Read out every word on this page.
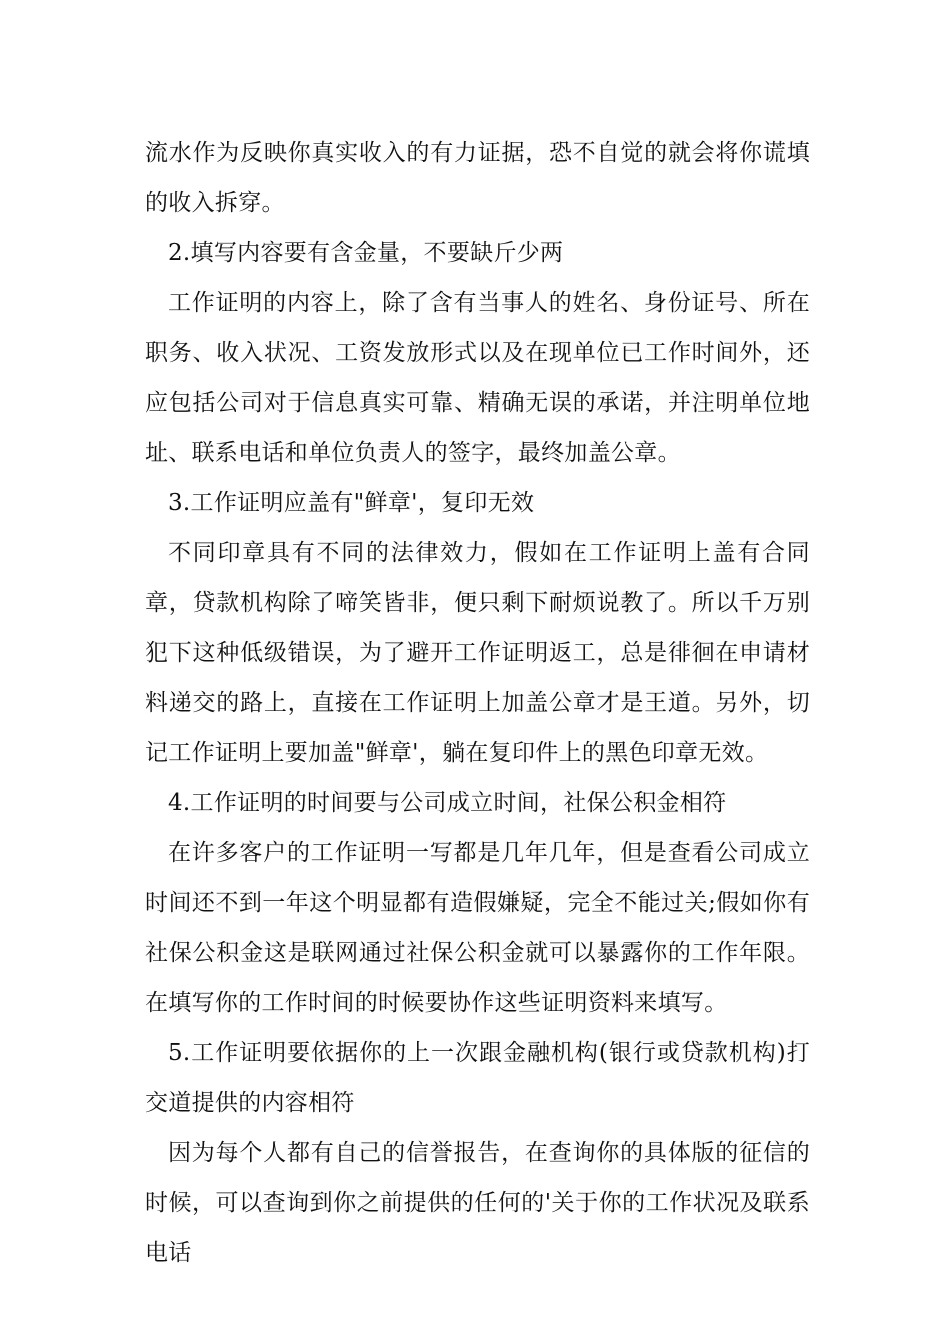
流水作为反映你真实收入的有力证据，恐不自觉的就会将你谎填的收入拆穿。

2.填写内容要有含金量，不要缺斤少两

工作证明的内容上，除了含有当事人的姓名、身份证号、所在职务、收入状况、工资发放形式以及在现单位已工作时间外，还应包括公司对于信息真实可靠、精确无误的承诺，并注明单位地址、联系电话和单位负责人的签字，最终加盖公章。

3.工作证明应盖有"鲜章'，复印无效

不同印章具有不同的法律效力，假如在工作证明上盖有合同章，贷款机构除了啼笑皆非，便只剩下耐烦说教了。所以千万别犯下这种低级错误，为了避开工作证明返工，总是徘徊在申请材料递交的路上，直接在工作证明上加盖公章才是王道。另外，切记工作证明上要加盖"鲜章'，躺在复印件上的黑色印章无效。

4.工作证明的时间要与公司成立时间，社保公积金相符

在许多客户的工作证明一写都是几年几年，但是查看公司成立时间还不到一年这个明显都有造假嫌疑，完全不能过关;假如你有社保公积金这是联网通过社保公积金就可以暴露你的工作年限。在填写你的工作时间的时候要协作这些证明资料来填写。

5.工作证明要依据你的上一次跟金融机构(银行或贷款机构)打交道提供的内容相符

因为每个人都有自己的信誉报告，在查询你的具体版的征信的时候，可以查询到你之前提供的任何的'关于你的工作状况及联系电话
